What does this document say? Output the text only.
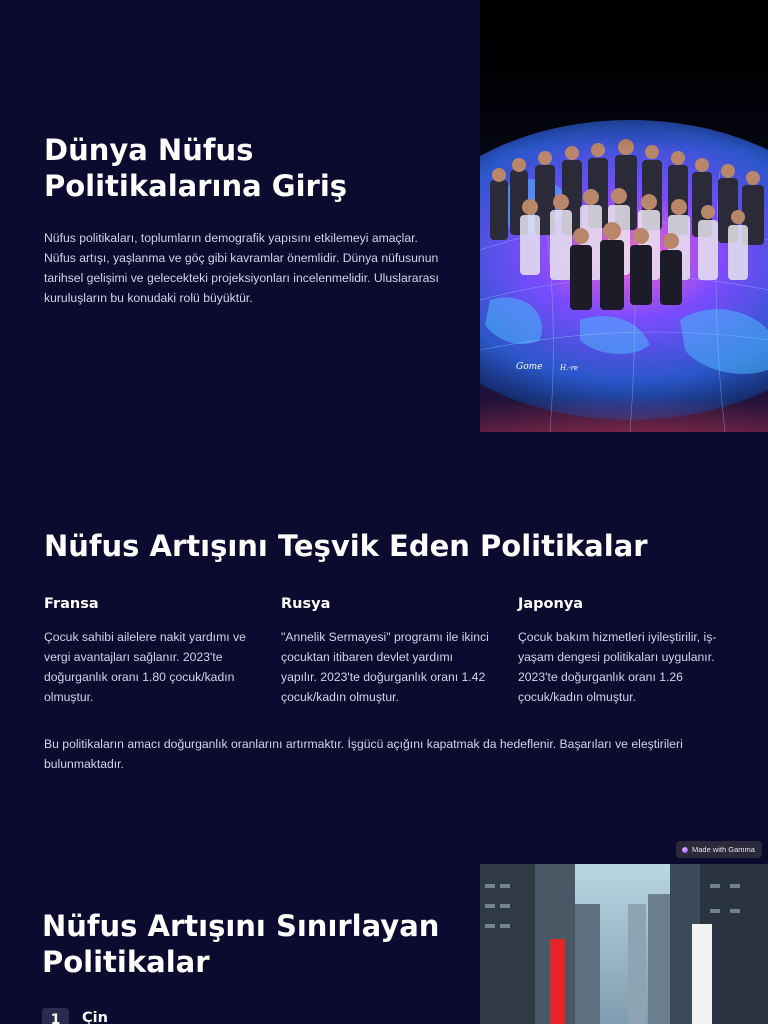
Dünya Nüfus Politikalarına Giriş

Nüfus politikaları, toplumların demografik yapısını etkilemeyi amaçlar. Nüfus artışı, yaşlanma ve göç gibi kavramlar önemlidir. Dünya nüfusunun tarihsel gelişimi ve gelecekteki projeksiyonları incelenmelidir. Uluslararası kuruluşların bu konudaki rolü büyüktür.

Gome	H.-re
Nüfus Artışını Teşvik Eden Politikalar
Fransa

Çocuk sahibi ailelere nakit yardımı ve vergi avantajları sağlanır. 2023'te doğurganlık oranı 1.80 çocuk/kadın olmuştur.

Rusya

"Annelik Sermayesi" programı ile ikinci çocuktan itibaren devlet yardımı yapılır. 2023'te doğurganlık oranı 1.42 çocuk/kadın olmuştur.

Japonya

Çocuk bakım hizmetleri iyileştirilir, iş-yaşam dengesi politikaları uygulanır. 2023'te doğurganlık oranı 1.26 çocuk/kadın olmuştur.

Bu politikaların amacı doğurganlık oranlarını artırmaktır. İşgücü açığını kapatmak da hedeflenir. Başarıları ve eleştirileri bulunmaktadır.

Made with Gamma
Nüfus Artışını Sınırlayan Politikalar
1	Çin
